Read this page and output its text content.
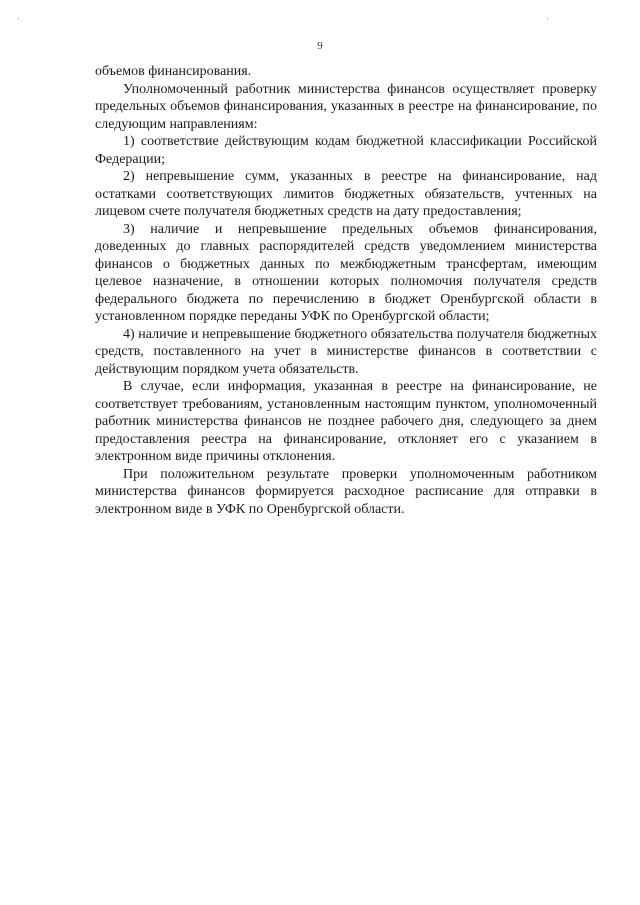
9

объемов финансирования.

Уполномоченный работник министерства финансов осуществляет проверку предельных объемов финансирования, указанных в реестре на финансирование, по следующим направлениям:

1) соответствие действующим кодам бюджетной классификации Российской Федерации;

2) непревышение сумм, указанных в реестре на финансирование, над остатками соответствующих лимитов бюджетных обязательств, учтенных на лицевом счете получателя бюджетных средств на дату предоставления;

3) наличие и непревышение предельных объемов финансирования, доведенных до главных распорядителей средств уведомлением министерства финансов о бюджетных данных по межбюджетным трансфертам, имеющим целевое назначение, в отношении которых полномочия получателя средств федерального бюджета по перечислению в бюджет Оренбургской области в установленном порядке переданы УФК по Оренбургской области;

4) наличие и непревышение бюджетного обязательства получателя бюджетных средств, поставленного на учет в министерстве финансов в соответствии с действующим порядком учета обязательств.

В случае, если информация, указанная в реестре на финансирование, не соответствует требованиям, установленным настоящим пунктом, уполномоченный работник министерства финансов не позднее рабочего дня, следующего за днем предоставления реестра на финансирование, отклоняет его с указанием в электронном виде причины отклонения.

При положительном результате проверки уполномоченным работником министерства финансов формируется расходное расписание для отправки в электронном виде в УФК по Оренбургской области.
